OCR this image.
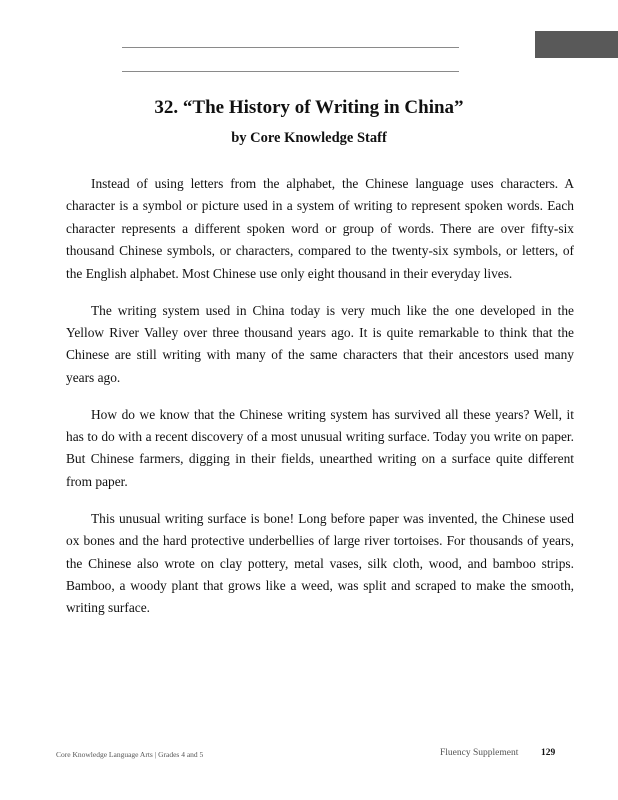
32. “The History of Writing in China”
by Core Knowledge Staff

Instead of using letters from the alphabet, the Chinese language uses characters. A character is a symbol or picture used in a system of writing to represent spoken words. Each character represents a different spoken word or group of words. There are over fifty-six thousand Chinese symbols, or characters, compared to the twenty-six symbols, or letters, of the English alphabet. Most Chinese use only eight thousand in their everyday lives.

The writing system used in China today is very much like the one developed in the Yellow River Valley over three thousand years ago. It is quite remarkable to think that the Chinese are still writing with many of the same characters that their ancestors used many years ago.

How do we know that the Chinese writing system has survived all these years? Well, it has to do with a recent discovery of a most unusual writing surface. Today you write on paper. But Chinese farmers, digging in their fields, unearthed writing on a surface quite different from paper.

This unusual writing surface is bone! Long before paper was invented, the Chinese used ox bones and the hard protective underbellies of large river tortoises. For thousands of years, the Chinese also wrote on clay pottery, metal vases, silk cloth, wood, and bamboo strips. Bamboo, a woody plant that grows like a weed, was split and scraped to make the smooth, writing surface.

Core Knowledge Language Arts | Grades 4 and 5	Fluency Supplement 129
